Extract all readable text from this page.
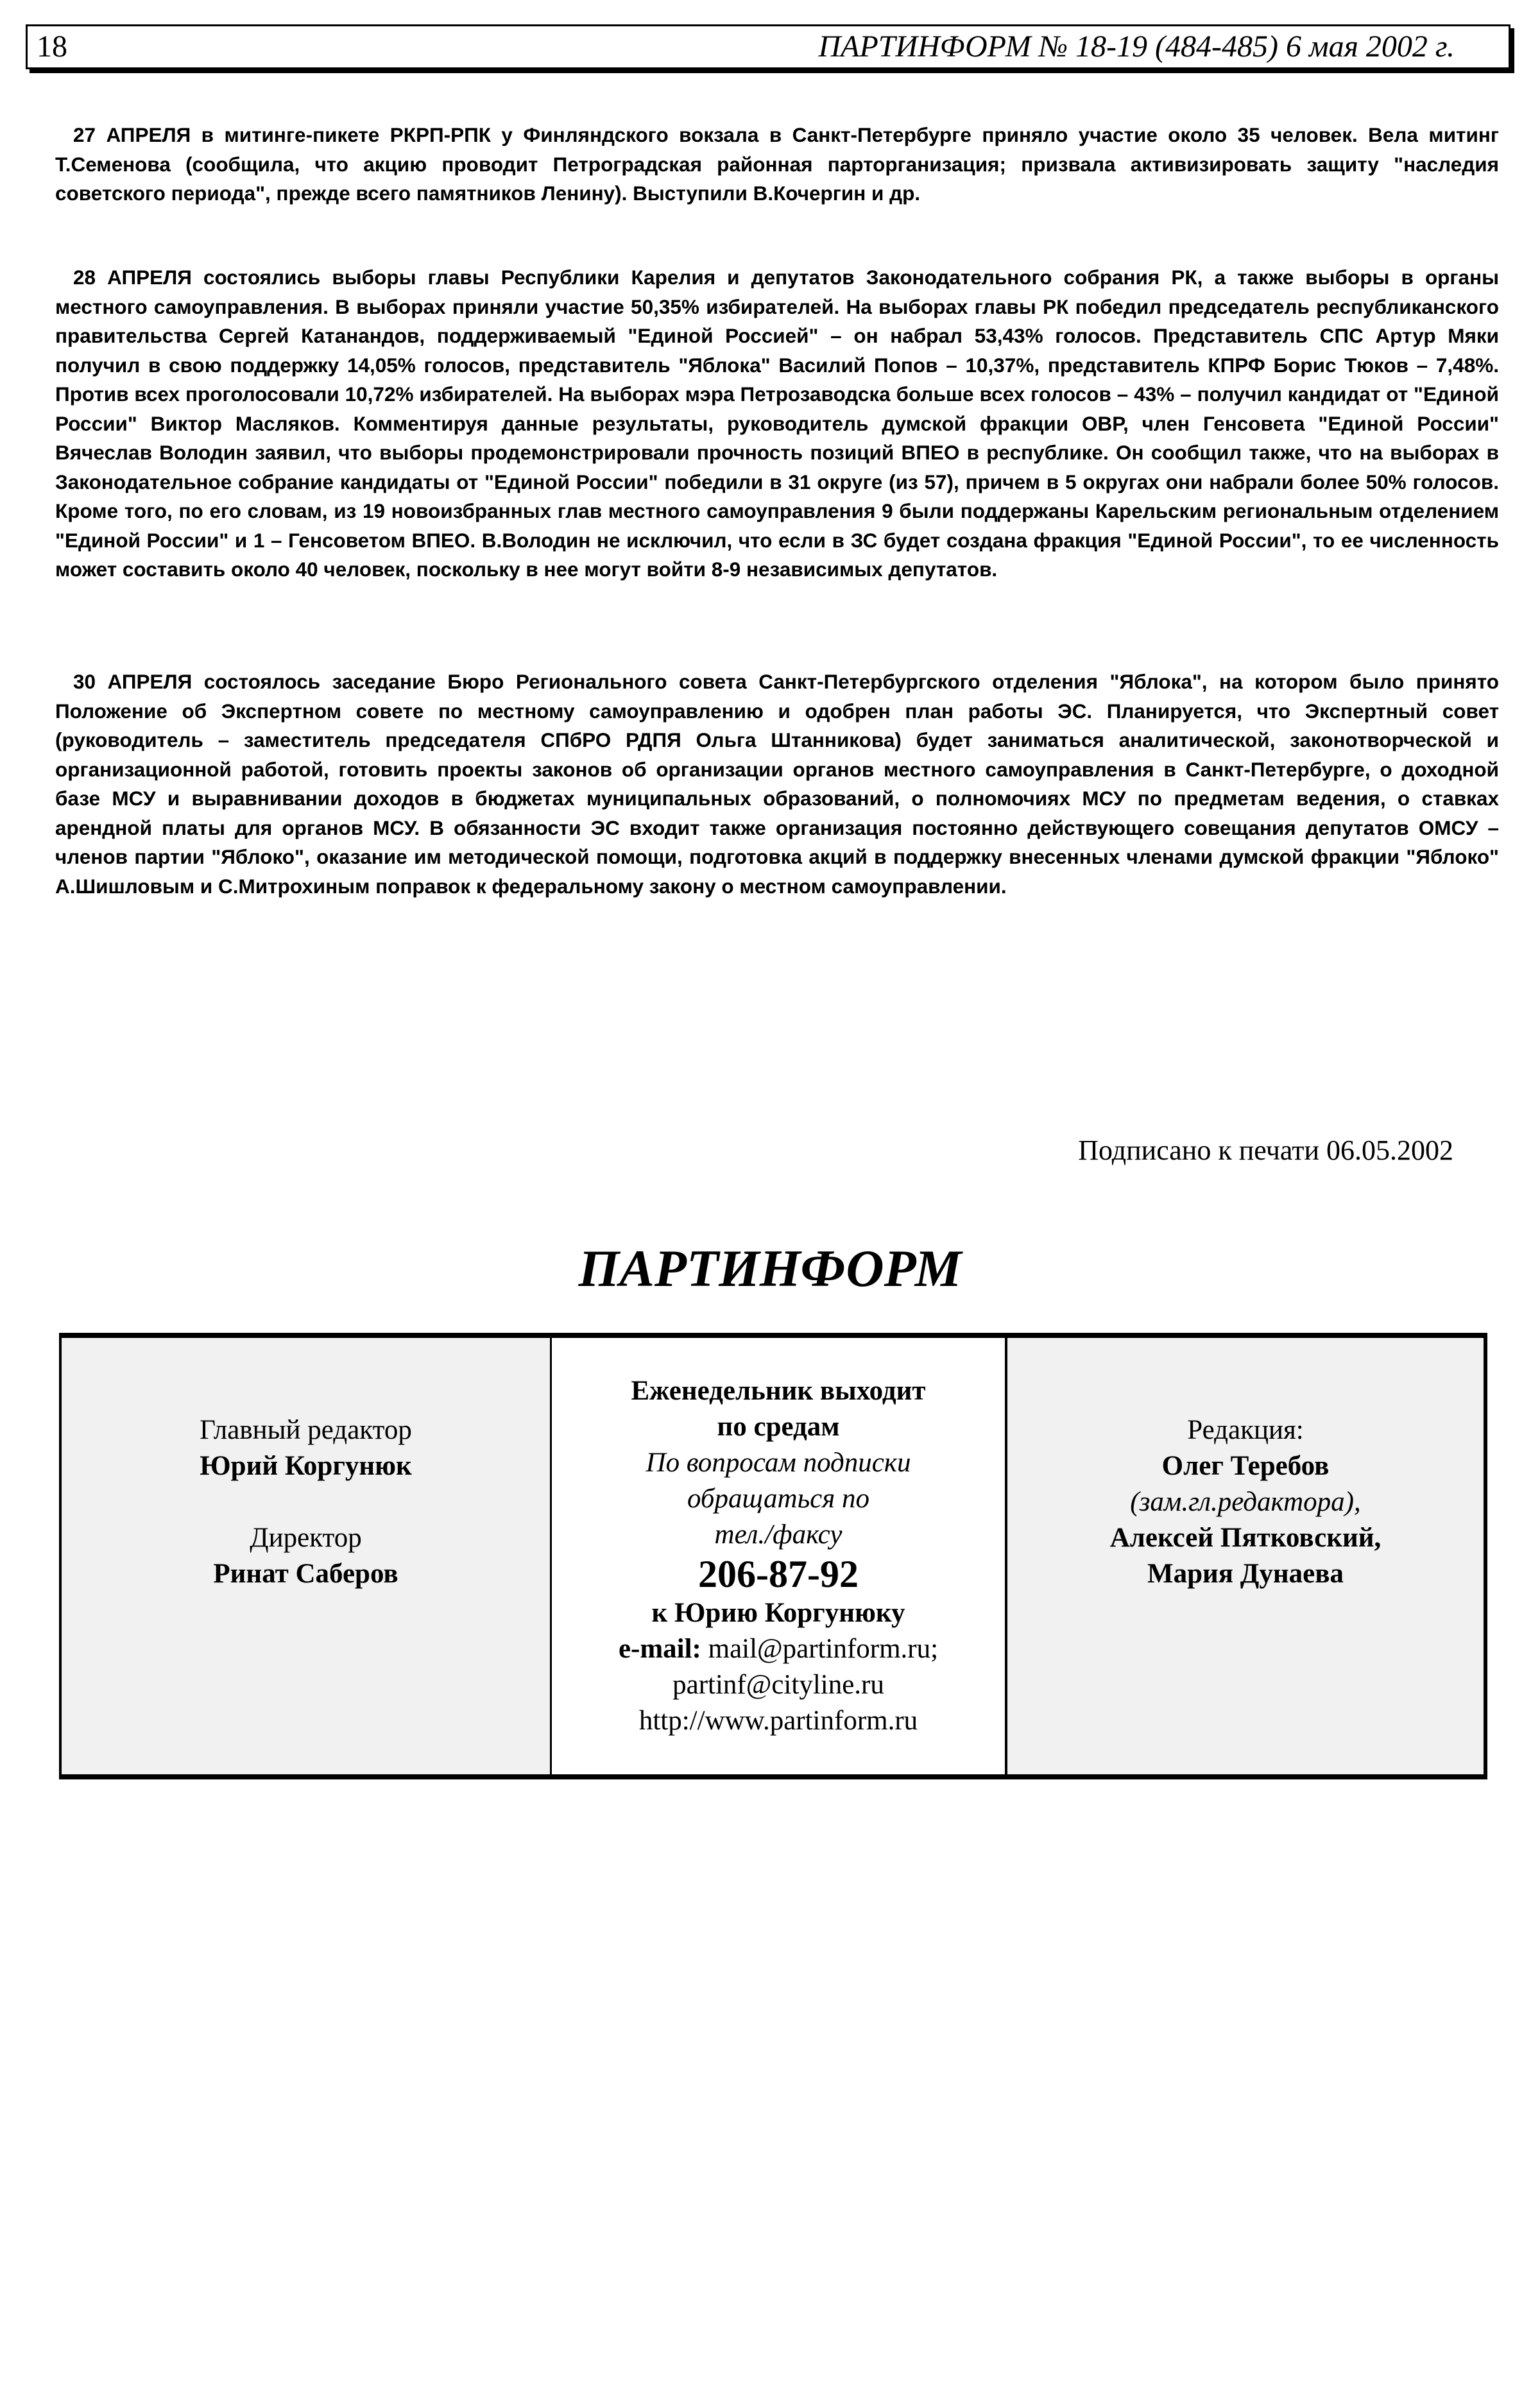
18	ПАРТИНФОРМ № 18-19 (484-485) 6 мая 2002 г.

27 АПРЕЛЯ в митинге-пикете РКРП-РПК у Финляндского вокзала в Санкт-Петербурге приняло участие около 35 человек. Вела митинг Т.Семенова (сообщила, что акцию проводит Петроградская районная парторганизация; призвала активизировать защиту "наследия советского периода", прежде всего памятников Ленину). Выступили В.Кочергин и др.

28 АПРЕЛЯ состоялись выборы главы Республики Карелия и депутатов Законодательного собрания РК, а также выборы в органы местного самоуправления. В выборах приняли участие 50,35% избирателей. На выборах главы РК победил председатель республиканского правительства Сергей Катанандов, поддерживаемый "Единой Россией" – он набрал 53,43% голосов. Представитель СПС Артур Мяки получил в свою поддержку 14,05% голосов, представитель "Яблока" Василий Попов – 10,37%, представитель КПРФ Борис Тюков – 7,48%. Против всех проголосовали 10,72% избирателей. На выборах мэра Петрозаводска больше всех голосов – 43% – получил кандидат от "Единой России" Виктор Масляков. Комментируя данные результаты, руководитель думской фракции ОВР, член Генсовета "Единой России" Вячеслав Володин заявил, что выборы продемонстрировали прочность позиций ВПЕО в республике. Он сообщил также, что на выборах в Законодательное собрание кандидаты от "Единой России" победили в 31 округе (из 57), причем в 5 округах они набрали более 50% голосов. Кроме того, по его словам, из 19 новоизбранных глав местного самоуправления 9 были поддержаны Карельским региональным отделением "Единой России" и 1 – Генсоветом ВПЕО. В.Володин не исключил, что если в ЗС будет создана фракция "Единой России", то ее численность может составить около 40 человек, поскольку в нее могут войти 8-9 независимых депутатов.

30 АПРЕЛЯ состоялось заседание Бюро Регионального совета Санкт-Петербургского отделения "Яблока", на котором было принято Положение об Экспертном совете по местному самоуправлению и одобрен план работы ЭС. Планируется, что Экспертный совет (руководитель – заместитель председателя СПбРО РДПЯ Ольга Штанникова) будет заниматься аналитической, законотворческой и организационной работой, готовить проекты законов об организации органов местного самоуправления в Санкт-Петербурге, о доходной базе МСУ и выравнивании доходов в бюджетах муниципальных образований, о полномочиях МСУ по предметам ведения, о ставках арендной платы для органов МСУ. В обязанности ЭС входит также организация постоянно действующего совещания депутатов ОМСУ – членов партии "Яблоко", оказание им методической помощи, подготовка акций в поддержку внесенных членами думской фракции "Яблоко" А.Шишловым и С.Митрохиным поправок к федеральному закону о местном самоуправлении.

Подписано к печати 06.05.2002
ПАРТИНФОРМ
Главный редактор
Юрий Коргунюк
Директор
Ринат Саберов
Еженедельник выходит
по средам
По вопросам подписки
обращаться по
тел./факсу
206-87-92
к Юрию Коргунюку
e-mail: mail@partinform.ru;
partinf@cityline.ru
http://www.partinform.ru
Редакция:
Олег Теребов
(зам.гл.редактора),
Алексей Пятковский,
Мария Дунаева
